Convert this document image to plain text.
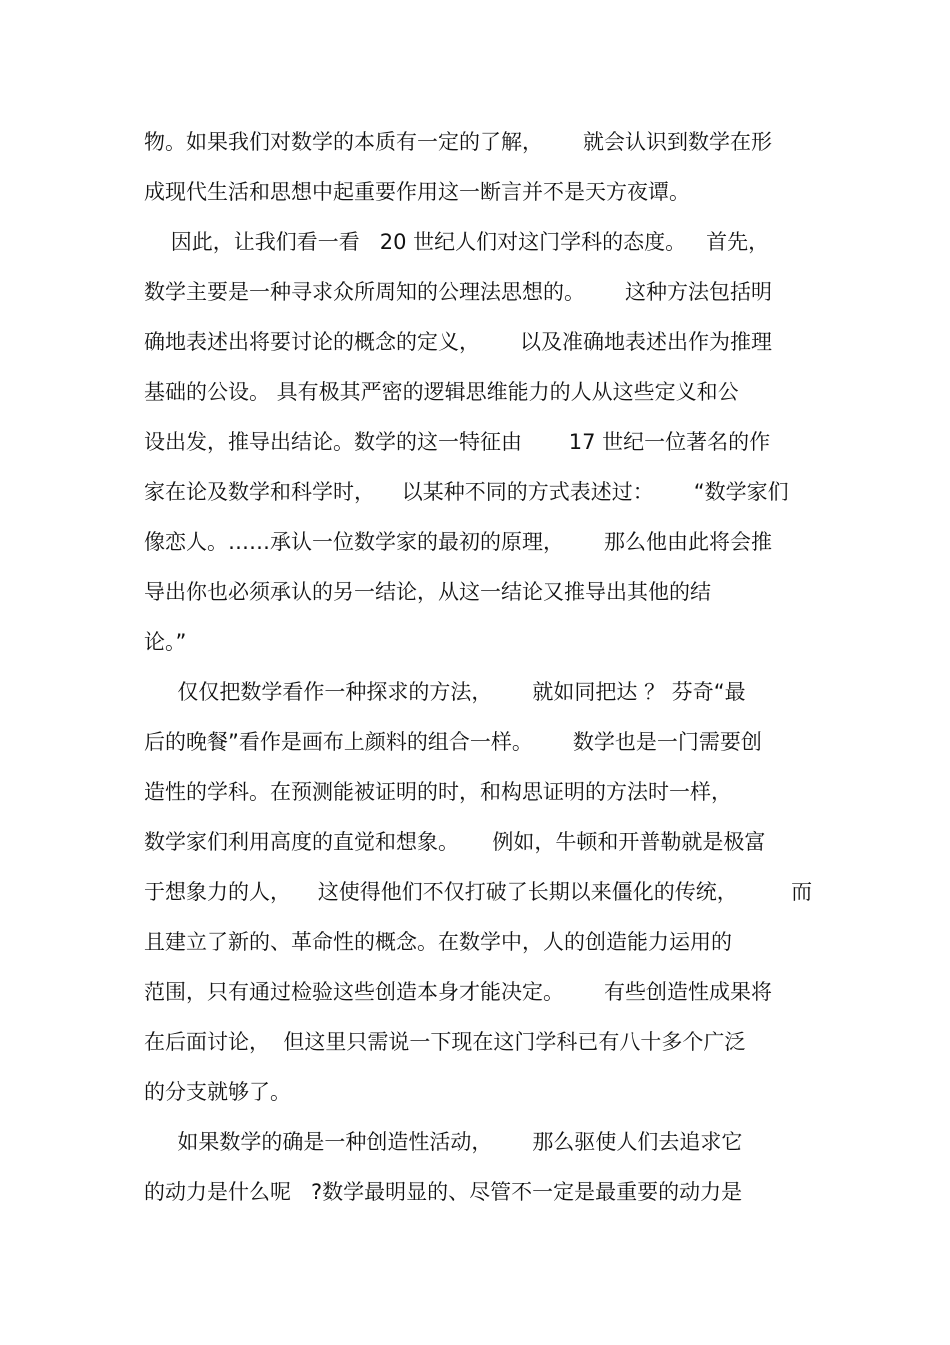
物。如果我们对数学的本质有一定的了解，      就会认识到数学在形
成现代生活和思想中起重要作用这一断言并不是天方夜谭。
因此，让我们看一看   20 世纪人们对这门学科的态度。   首先，
数学主要是一种寻求众所周知的公理法思想的。      这种方法包括明
确地表述出将要讨论的概念的定义，      以及准确地表述出作为推理
基础的公设。 具有极其严密的逻辑思维能力的人从这些定义和公
设出发，推导出结论。数学的这一特征由       17 世纪一位著名的作
家在论及数学和科学时，    以某种不同的方式表述过：      “数学家们
像恋人。……承认一位数学家的最初的原理，      那么他由此将会推
导出你也必须承认的另一结论，从这一结论又推导出其他的结
论。”
仅仅把数学看作一种探求的方法，      就如同把达 ？ 芬奇“最
后的晚餐”看作是画布上颜料的组合一样。      数学也是一门需要创
造性的学科。在预测能被证明的时，和构思证明的方法时一样，
数学家们利用高度的直觉和想象。     例如，牛顿和开普勒就是极富
于想象力的人，    这使得他们不仅打破了长期以来僵化的传统，        而
且建立了新的、革命性的概念。在数学中，人的创造能力运用的
范围，只有通过检验这些创造本身才能决定。      有些创造性成果将
在后面讨论，  但这里只需说一下现在这门学科已有八十多个广泛
的分支就够了。
如果数学的确是一种创造性活动，      那么驱使人们去追求它
的动力是什么呢   ?数学最明显的、尽管不一定是最重要的动力是
